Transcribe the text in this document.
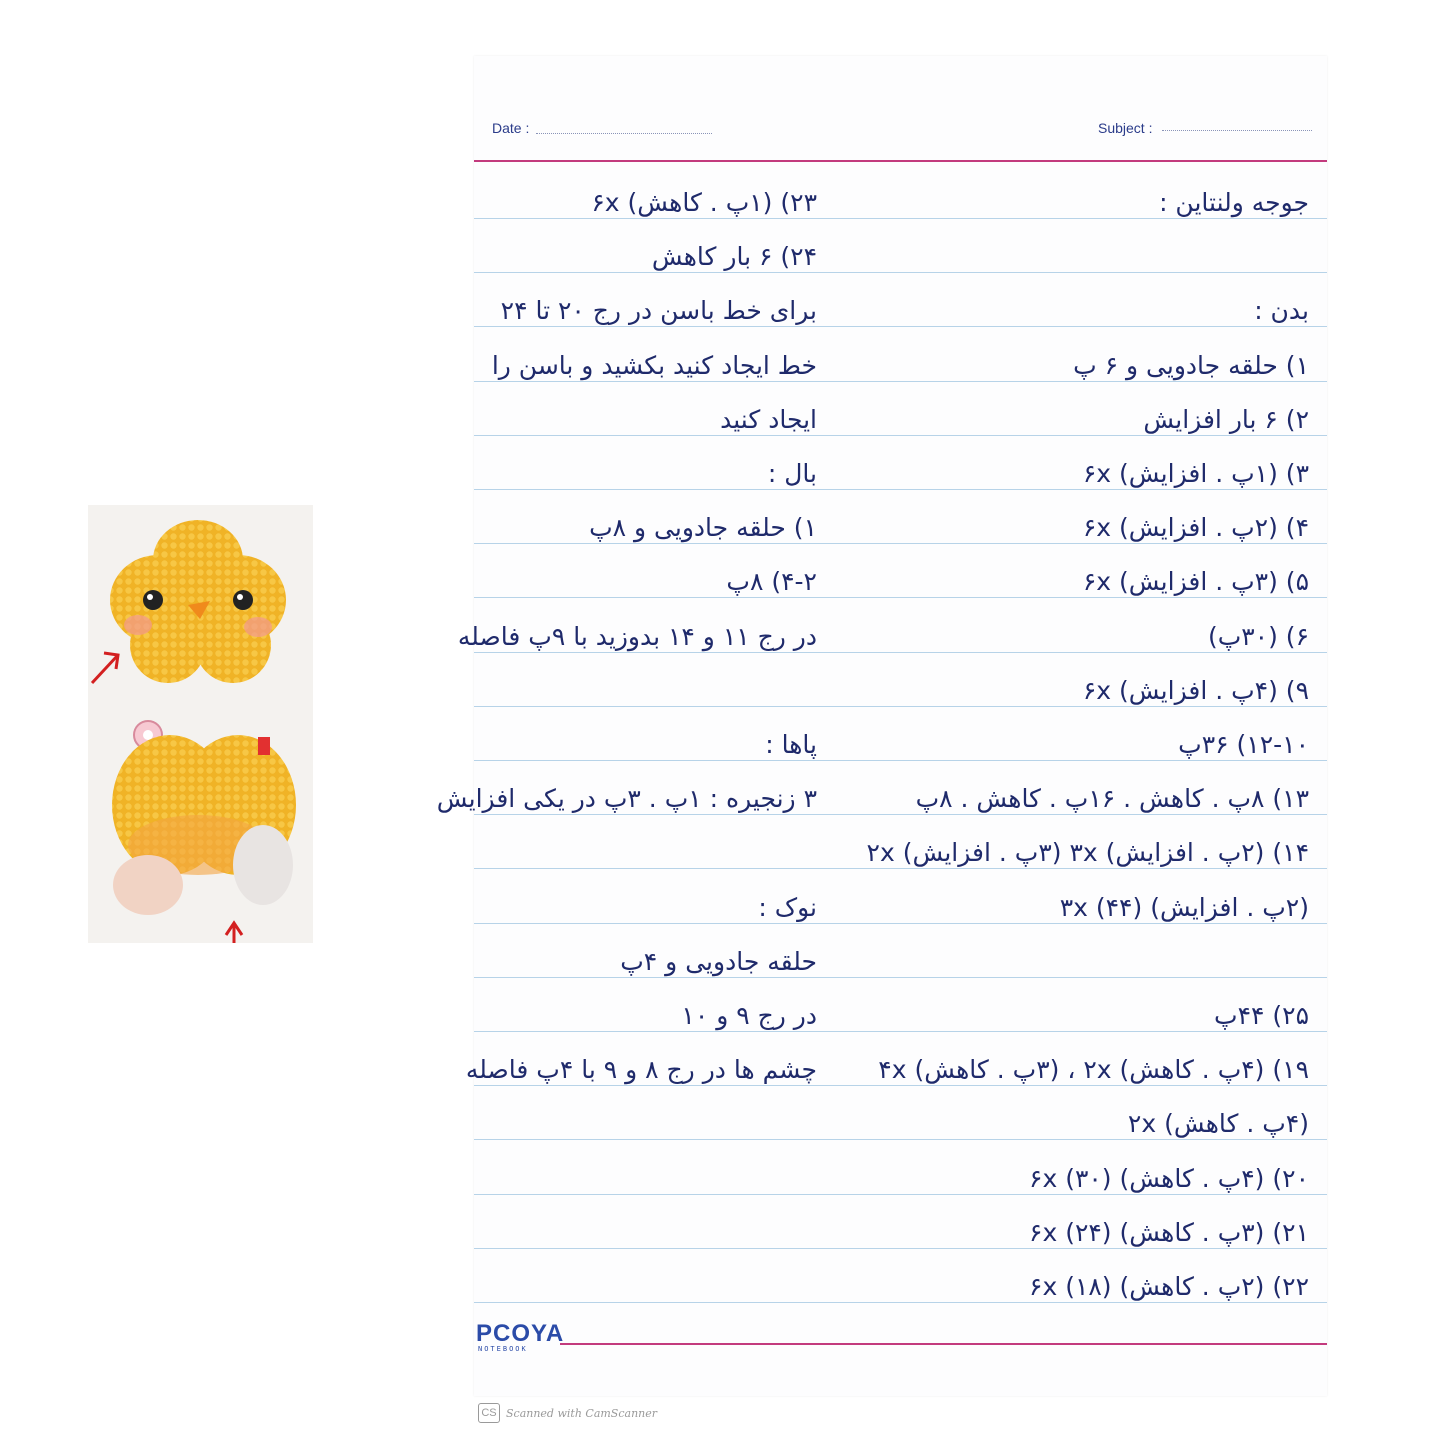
Date :	Subject :
جوجه ولنتاین :
بدن :
۱) حلقه جادویی و ۶ پ
۲) ۶ بار افزایش
۳) (۱پ . افزایش) ۶x
۴) (۲پ . افزایش) ۶x
۵) (۳پ . افزایش) ۶x
۶) (۳۰پ)
۹) (۴پ . افزایش) ۶x
۱۲-۱۰) ۳۶پ
۱۳) ۸پ . کاهش . ۱۶پ . کاهش . ۸پ
۱۴) (۲پ . افزایش) ۳x (۳پ . افزایش) ۲x
(۲پ . افزایش) ۳x (۴۴)
۲۵) ۴۴پ
۱۹) (۴پ . کاهش) ۲x ، (۳پ . کاهش) ۴x
(۴پ . کاهش) ۲x
۲۰) (۴پ . کاهش) ۶x (۳۰)
۲۱) (۳پ . کاهش) ۶x (۲۴)
۲۲) (۲پ . کاهش) ۶x (۱۸)
۲۳) (۱پ . کاهش) ۶x
۲۴) ۶ بار کاهش
برای خط باسن در رج ۲۰ تا ۲۴
خط ایجاد کنید بکشید و باسن را
ایجاد کنید
بال :
۱) حلقه جادویی و ۸پ
۴-۲) ۸پ
در رج ۱۱ و ۱۴ بدوزید با ۹پ فاصله
پاها :
۳ زنجیره : ۱پ . ۳پ در یکی افزایش
نوک :
حلقه جادویی و ۴پ
در رج ۹ و ۱۰
چشم ها در رج ۸ و ۹ با ۴پ فاصله
PCOYA
NOTEBOOK
CS Scanned with CamScanner
